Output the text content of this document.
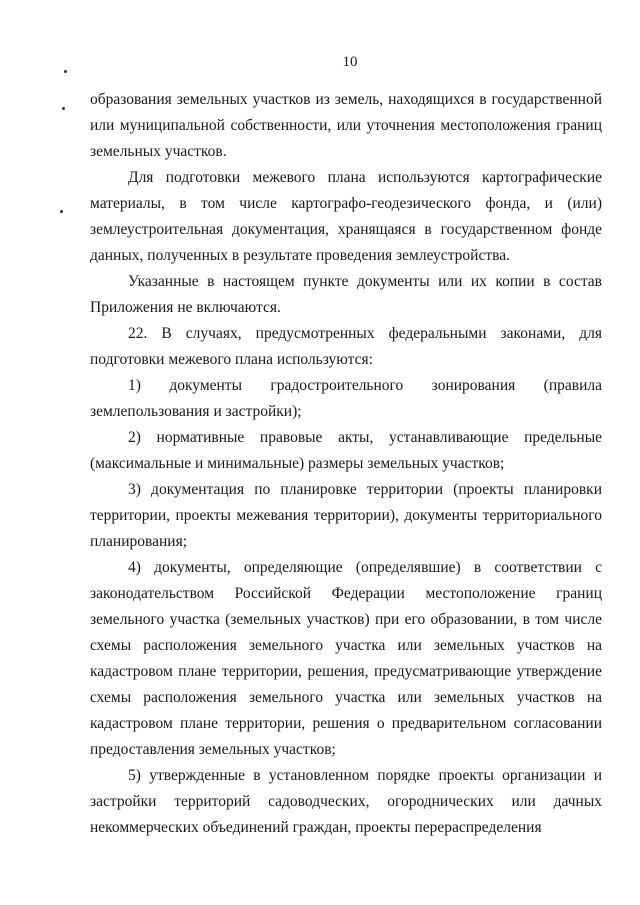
10

образования земельных участков из земель, находящихся в государственной или муниципальной собственности, или уточнения местоположения границ земельных участков.

Для подготовки межевого плана используются картографические материалы, в том числе картографо-геодезического фонда, и (или) землеустроительная документация, хранящаяся в государственном фонде данных, полученных в результате проведения землеустройства.

Указанные в настоящем пункте документы или их копии в состав Приложения не включаются.

22. В случаях, предусмотренных федеральными законами, для подготовки межевого плана используются:

1) документы градостроительного зонирования (правила землепользования и застройки);

2) нормативные правовые акты, устанавливающие предельные (максимальные и минимальные) размеры земельных участков;

3) документация по планировке территории (проекты планировки территории, проекты межевания территории), документы территориального планирования;

4) документы, определяющие (определявшие) в соответствии с законодательством Российской Федерации местоположение границ земельного участка (земельных участков) при его образовании, в том числе схемы расположения земельного участка или земельных участков на кадастровом плане территории, решения, предусматривающие утверждение схемы расположения земельного участка или земельных участков на кадастровом плане территории, решения о предварительном согласовании предоставления земельных участков;

5) утвержденные в установленном порядке проекты организации и застройки территорий садоводческих, огороднических или дачных некоммерческих объединений граждан, проекты перераспределения
